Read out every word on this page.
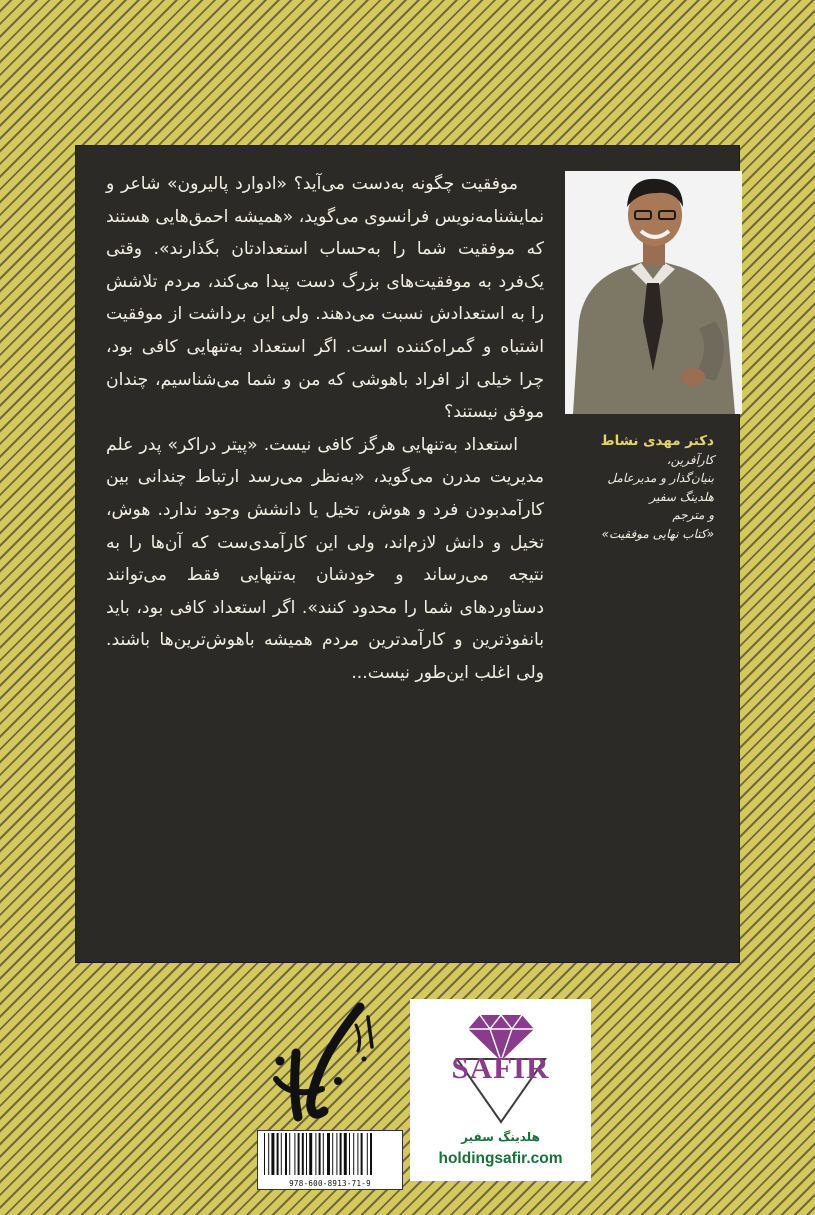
موفقیت چگونه به‌دست می‌آید؟ «ادوارد پالیرون» شاعر و نمایشنامه‌نویس فرانسوی می‌گوید، «همیشه احمق‌هایی هستند که موفقیت شما را به‌حساب استعدادتان بگذارند». وقتی یک‌فرد به موفقیت‌های بزرگ دست پیدا می‌کند، مردم تلاشش را به استعدادش نسبت می‌دهند. ولی این برداشت از موفقیت اشتباه و گمراه‌کننده است. اگر استعداد به‌تنهایی کافی بود، چرا خیلی از افراد باهوشی که من و شما می‌شناسیم، چندان موفق نیستند؟

استعداد به‌تنهایی هرگز کافی نیست. «پیتر دراکر» پدر علم مدیریت مدرن می‌گوید، «به‌نظر می‌رسد ارتباط چندانی بین کارآمدبودن فرد و هوش، تخیل یا دانشش وجود ندارد. هوش، تخیل و دانش لازم‌اند، ولی این کارآمدی‌ست که آن‌ها را به نتیجه می‌رساند و خودشان به‌تنهایی فقط می‌توانند دستاوردهای شما را محدود کنند». اگر استعداد کافی بود، باید بانفوذترین و کارآمدترین مردم همیشه باهوش‌ترین‌ها باشند. ولی اغلب این‌طور نیست...

دکتر مهدی نشاط
کارآفرین،
بنیان‌گذار و مدیرعامل
هلدینگ سفیر
و مترجم
«کتاب نهایی موفقیت»
SAFIR
هلدینگ سفیر
holdingsafir.com
978-600-8913-71-9
